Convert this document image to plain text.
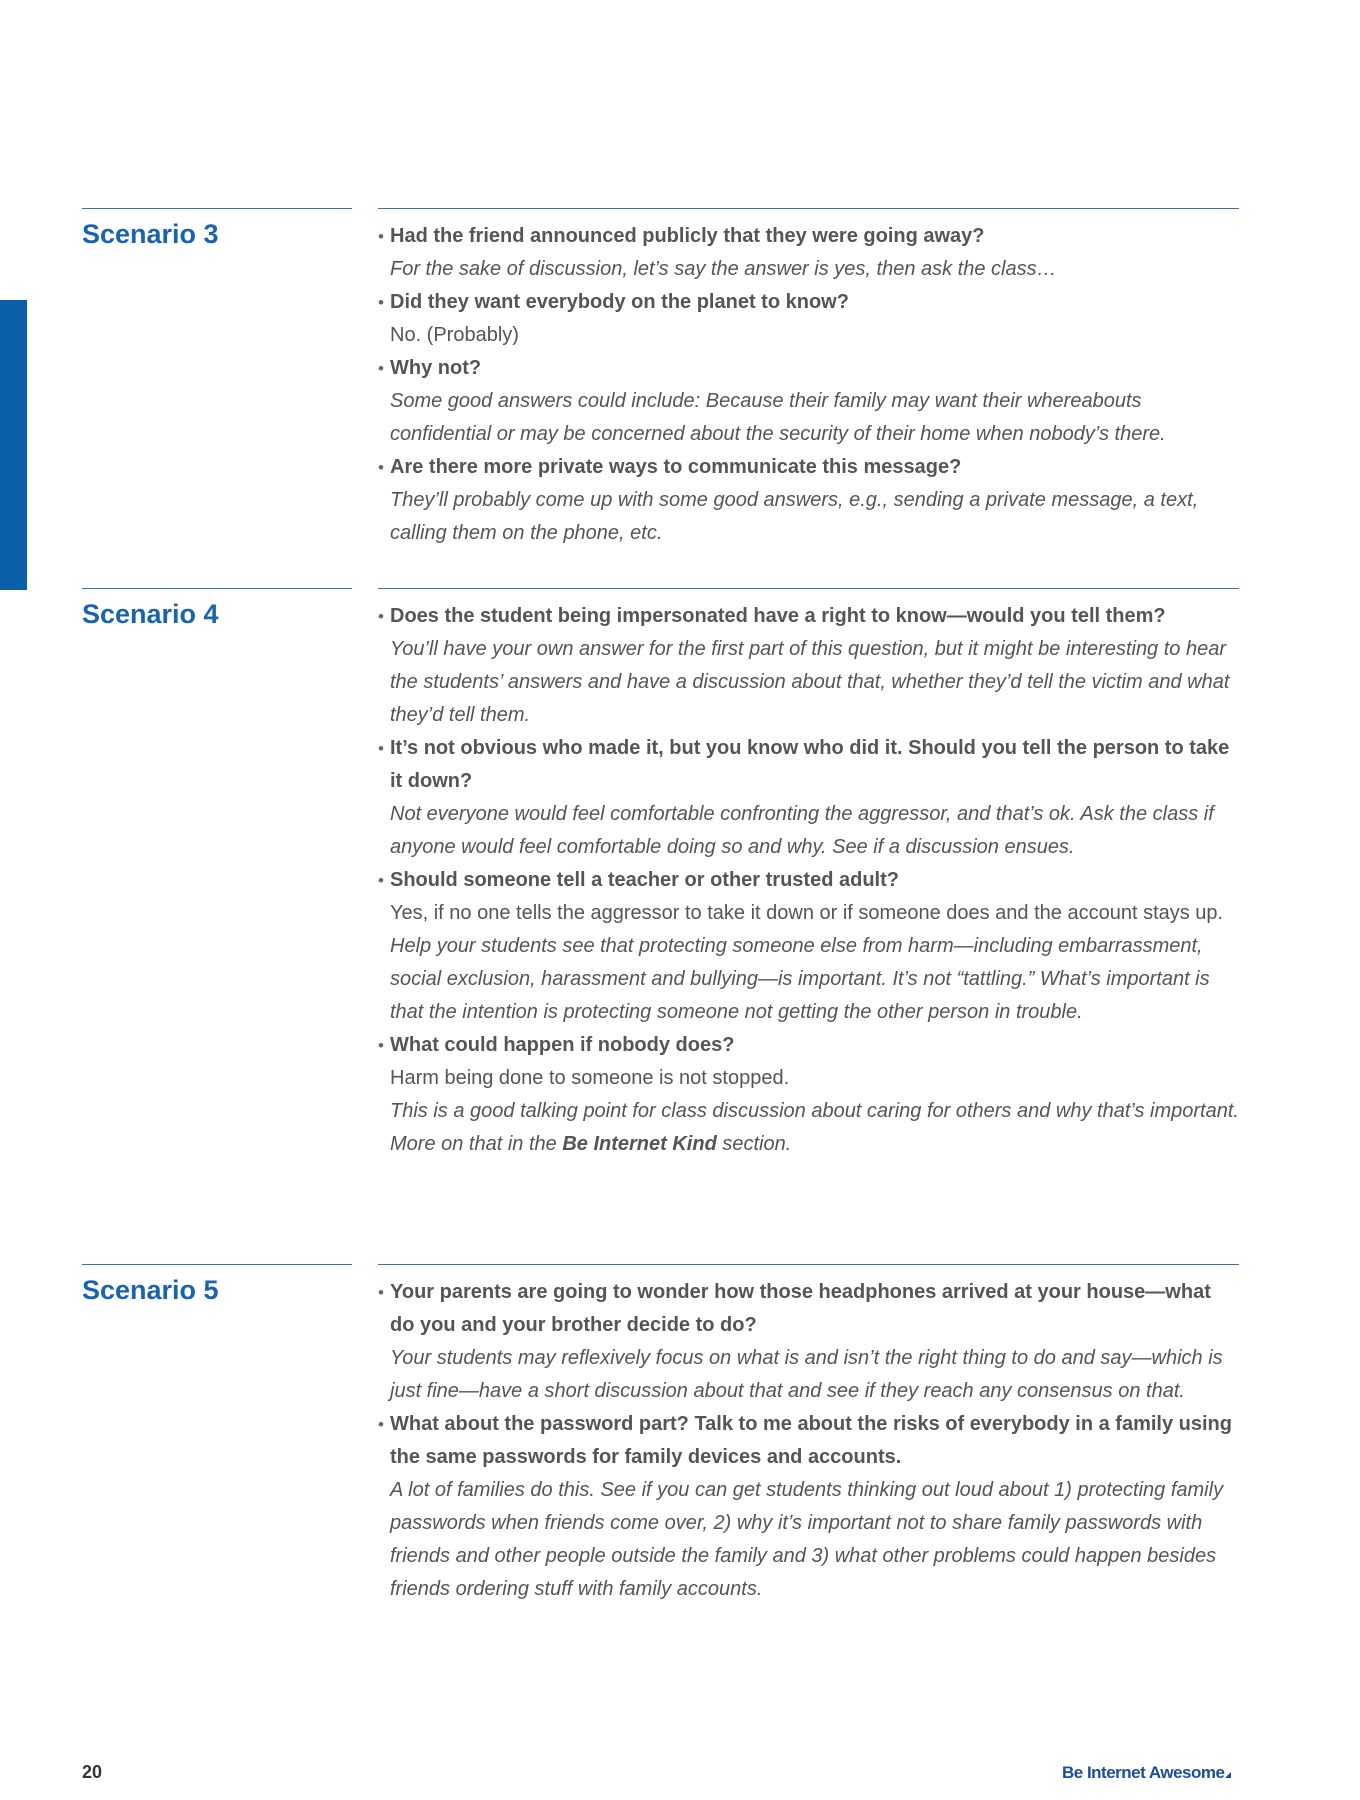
Scenario 3	• Had the friend announced publicly that they were going away?
For the sake of discussion, let’s say the answer is yes, then ask the class…
• Did they want everybody on the planet to know?
No. (Probably)
• Why not?
Some good answers could include: Because their family may want their whereabouts confidential or may be concerned about the security of their home when nobody’s there.
• Are there more private ways to communicate this message?
They’ll probably come up with some good answers, e.g., sending a private message, a text, calling them on the phone, etc.
Scenario 4	• Does the student being impersonated have a right to know—would you tell them?
You’ll have your own answer for the first part of this question, but it might be interesting to hear the students’ answers and have a discussion about that, whether they’d tell the victim and what they’d tell them.
• It’s not obvious who made it, but you know who did it. Should you tell the person to take it down?
Not everyone would feel comfortable confronting the aggressor, and that’s ok. Ask the class if anyone would feel comfortable doing so and why. See if a discussion ensues.
• Should someone tell a teacher or other trusted adult?
Yes, if no one tells the aggressor to take it down or if someone does and the account stays up.
Help your students see that protecting someone else from harm—including embarrassment, social exclusion, harassment and bullying—is important. It’s not “tattling.” What’s important is that the intention is protecting someone not getting the other person in trouble.
• What could happen if nobody does?
Harm being done to someone is not stopped.
This is a good talking point for class discussion about caring for others and why that’s important. More on that in the Be Internet Kind section.
Scenario 5	• Your parents are going to wonder how those headphones arrived at your house—what do you and your brother decide to do?
Your students may reflexively focus on what is and isn’t the right thing to do and say—which is just fine—have a short discussion about that and see if they reach any consensus on that.
• What about the password part? Talk to me about the risks of everybody in a family using the same passwords for family devices and accounts.
A lot of families do this. See if you can get students thinking out loud about 1) protecting family passwords when friends come over, 2) why it’s important not to share family passwords with friends and other people outside the family and 3) what other problems could happen besides friends ordering stuff with family accounts.
20	Be Internet Awesome
